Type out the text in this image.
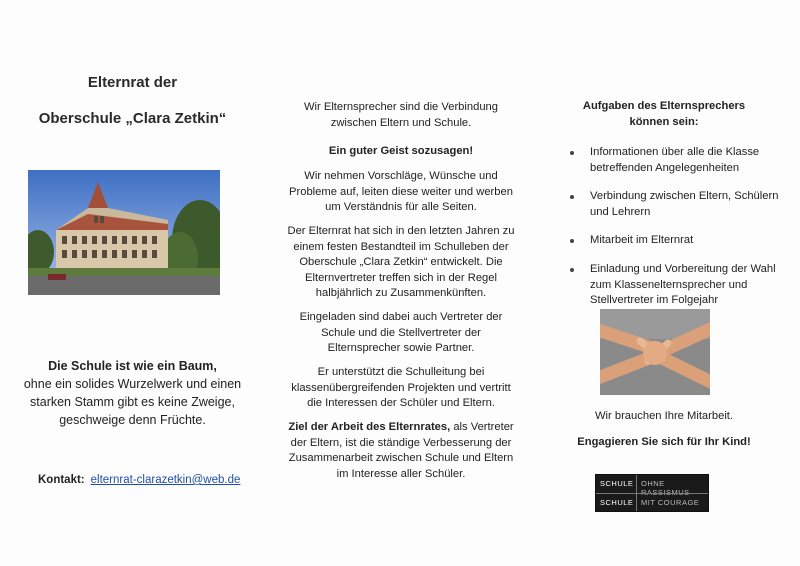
Elternrat der
Oberschule „Clara Zetkin“
Die Schule ist wie ein Baum,
ohne ein solides Wurzelwerk und einen
starken Stamm gibt es keine Zweige,
geschweige denn Früchte.
Kontakt: elternrat-clarazetkin@web.de
Wir Elternsprecher sind die Verbindung
zwischen Eltern und Schule.
Ein guter Geist sozusagen!
Wir nehmen Vorschläge, Wünsche und
Probleme auf, leiten diese weiter und werben
um Verständnis für alle Seiten.
Der Elternrat hat sich in den letzten Jahren zu
einem festen Bestandteil im Schulleben der
Oberschule „Clara Zetkin“ entwickelt. Die
Elternvertreter treffen sich in der Regel
halbjährlich zu Zusammenkünften.
Eingeladen sind dabei auch Vertreter der
Schule und die Stellvertreter der
Elternsprecher sowie Partner.
Er unterstützt die Schulleitung bei
klassenübergreifenden Projekten und vertritt
die Interessen der Schüler und Eltern.
Ziel der Arbeit des Elternrates, als Vertreter
der Eltern, ist die ständige Verbesserung der
Zusammenarbeit zwischen Schule und Eltern
im Interesse aller Schüler.
Aufgaben des Elternsprechers
können sein:
Informationen über alle die Klasse betreffenden Angelegenheiten
Verbindung zwischen Eltern, Schülern und Lehrern
Mitarbeit im Elternrat
Einladung und Vorbereitung der Wahl zum Klassenelternsprecher und Stellvertreter im Folgejahr
Wir brauchen Ihre Mitarbeit.
Engagieren Sie sich für Ihr Kind!
SCHULE OHNE RASSISMUS
SCHULE MIT COURAGE
